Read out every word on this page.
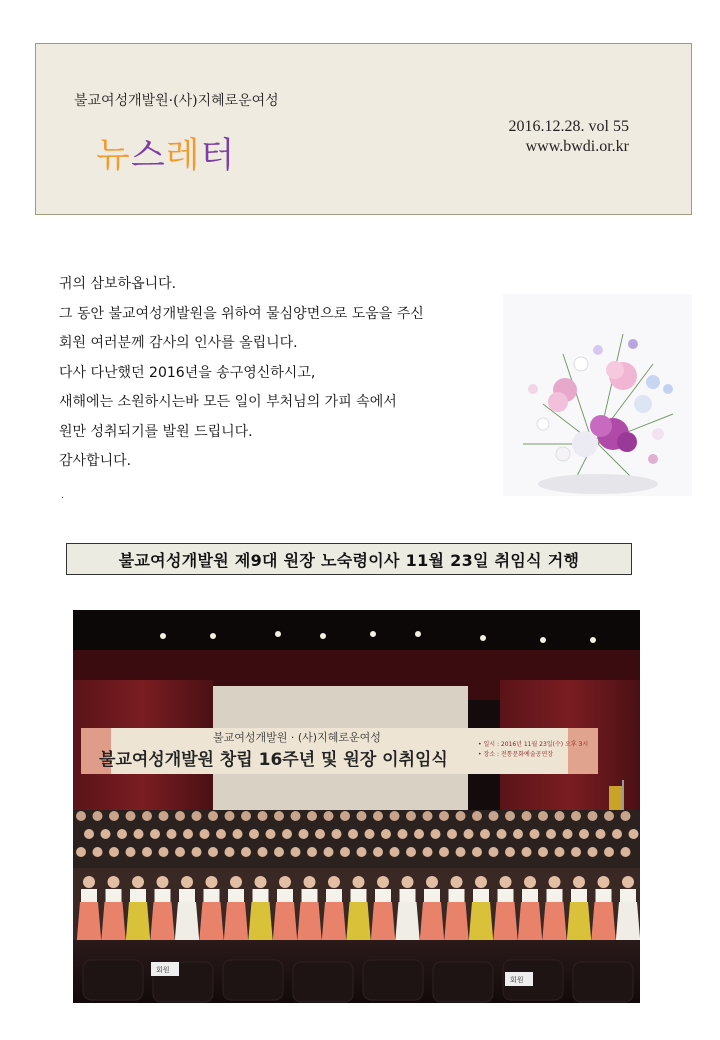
불교여성개발원·(사)지혜로운여성
뉴스레터
2016.12.28. vol 55
www.bwdi.or.kr

귀의 삼보하옵니다.

그 동안 불교여성개발원을 위하여 물심양면으로 도움을 주신

회원 여러분께 감사의 인사를 올립니다.

다사 다난했던 2016년을 송구영신하시고,

새해에는 소원하시는바 모든 일이 부처님의 가피 속에서

원만 성취되기를 발원 드립니다.

감사합니다.

.
불교여성개발원 제9대 원장 노숙령이사 11월 23일 취임식 거행
불교여성개발원 · (사)지혜로운여성
불교여성개발원 창립 16주년 및 원장 이취임식
• 일시 : 2016년 11월 23일(수) 오후 3시
• 장소 : 전통문화예술공연장
회원
회원
